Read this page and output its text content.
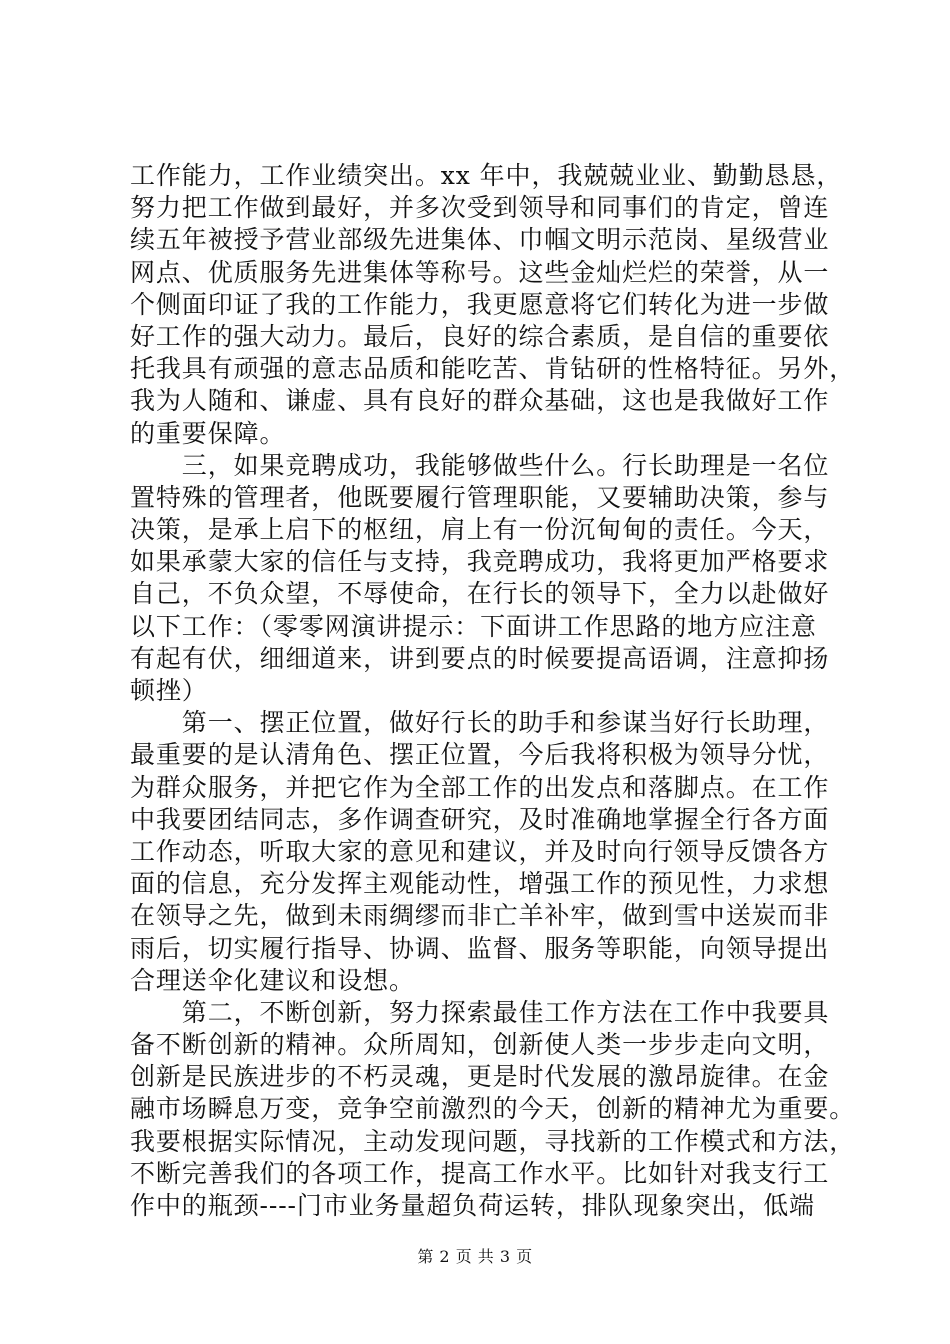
工作能力，工作业绩突出。xx 年中，我兢兢业业、勤勤恳恳，
努力把工作做到最好，并多次受到领导和同事们的肯定，曾连
续五年被授予营业部级先进集体、巾帼文明示范岗、星级营业
网点、优质服务先进集体等称号。这些金灿烂烂的荣誉，从一
个侧面印证了我的工作能力，我更愿意将它们转化为进一步做
好工作的强大动力。最后，良好的综合素质，是自信的重要依
托我具有顽强的意志品质和能吃苦、肯钻研的性格特征。另外，
我为人随和、谦虚、具有良好的群众基础，这也是我做好工作
的重要保障。
　　三，如果竞聘成功，我能够做些什么。行长助理是一名位
置特殊的管理者，他既要履行管理职能，又要辅助决策，参与
决策，是承上启下的枢纽，肩上有一份沉甸甸的责任。今天，
如果承蒙大家的信任与支持，我竞聘成功，我将更加严格要求
自己，不负众望，不辱使命，在行长的领导下，全力以赴做好
以下工作：（零零网演讲提示：下面讲工作思路的地方应注意
有起有伏，细细道来，讲到要点的时候要提高语调，注意抑扬
顿挫）
　　第一、摆正位置，做好行长的助手和参谋当好行长助理，
最重要的是认清角色、摆正位置，今后我将积极为领导分忧，
为群众服务，并把它作为全部工作的出发点和落脚点。在工作
中我要团结同志，多作调查研究，及时准确地掌握全行各方面
工作动态，听取大家的意见和建议，并及时向行领导反馈各方
面的信息，充分发挥主观能动性，增强工作的预见性，力求想
在领导之先，做到未雨绸缪而非亡羊补牢，做到雪中送炭而非
雨后，切实履行指导、协调、监督、服务等职能，向领导提出
合理送伞化建议和设想。
　　第二，不断创新，努力探索最佳工作方法在工作中我要具
备不断创新的精神。众所周知，创新使人类一步步走向文明，
创新是民族进步的不朽灵魂，更是时代发展的激昂旋律。在金
融市场瞬息万变，竞争空前激烈的今天，创新的精神尤为重要。
我要根据实际情况，主动发现问题，寻找新的工作模式和方法，
不断完善我们的各项工作，提高工作水平。比如针对我支行工
作中的瓶颈----门市业务量超负荷运转，排队现象突出，低端
第 2 页 共 3 页
